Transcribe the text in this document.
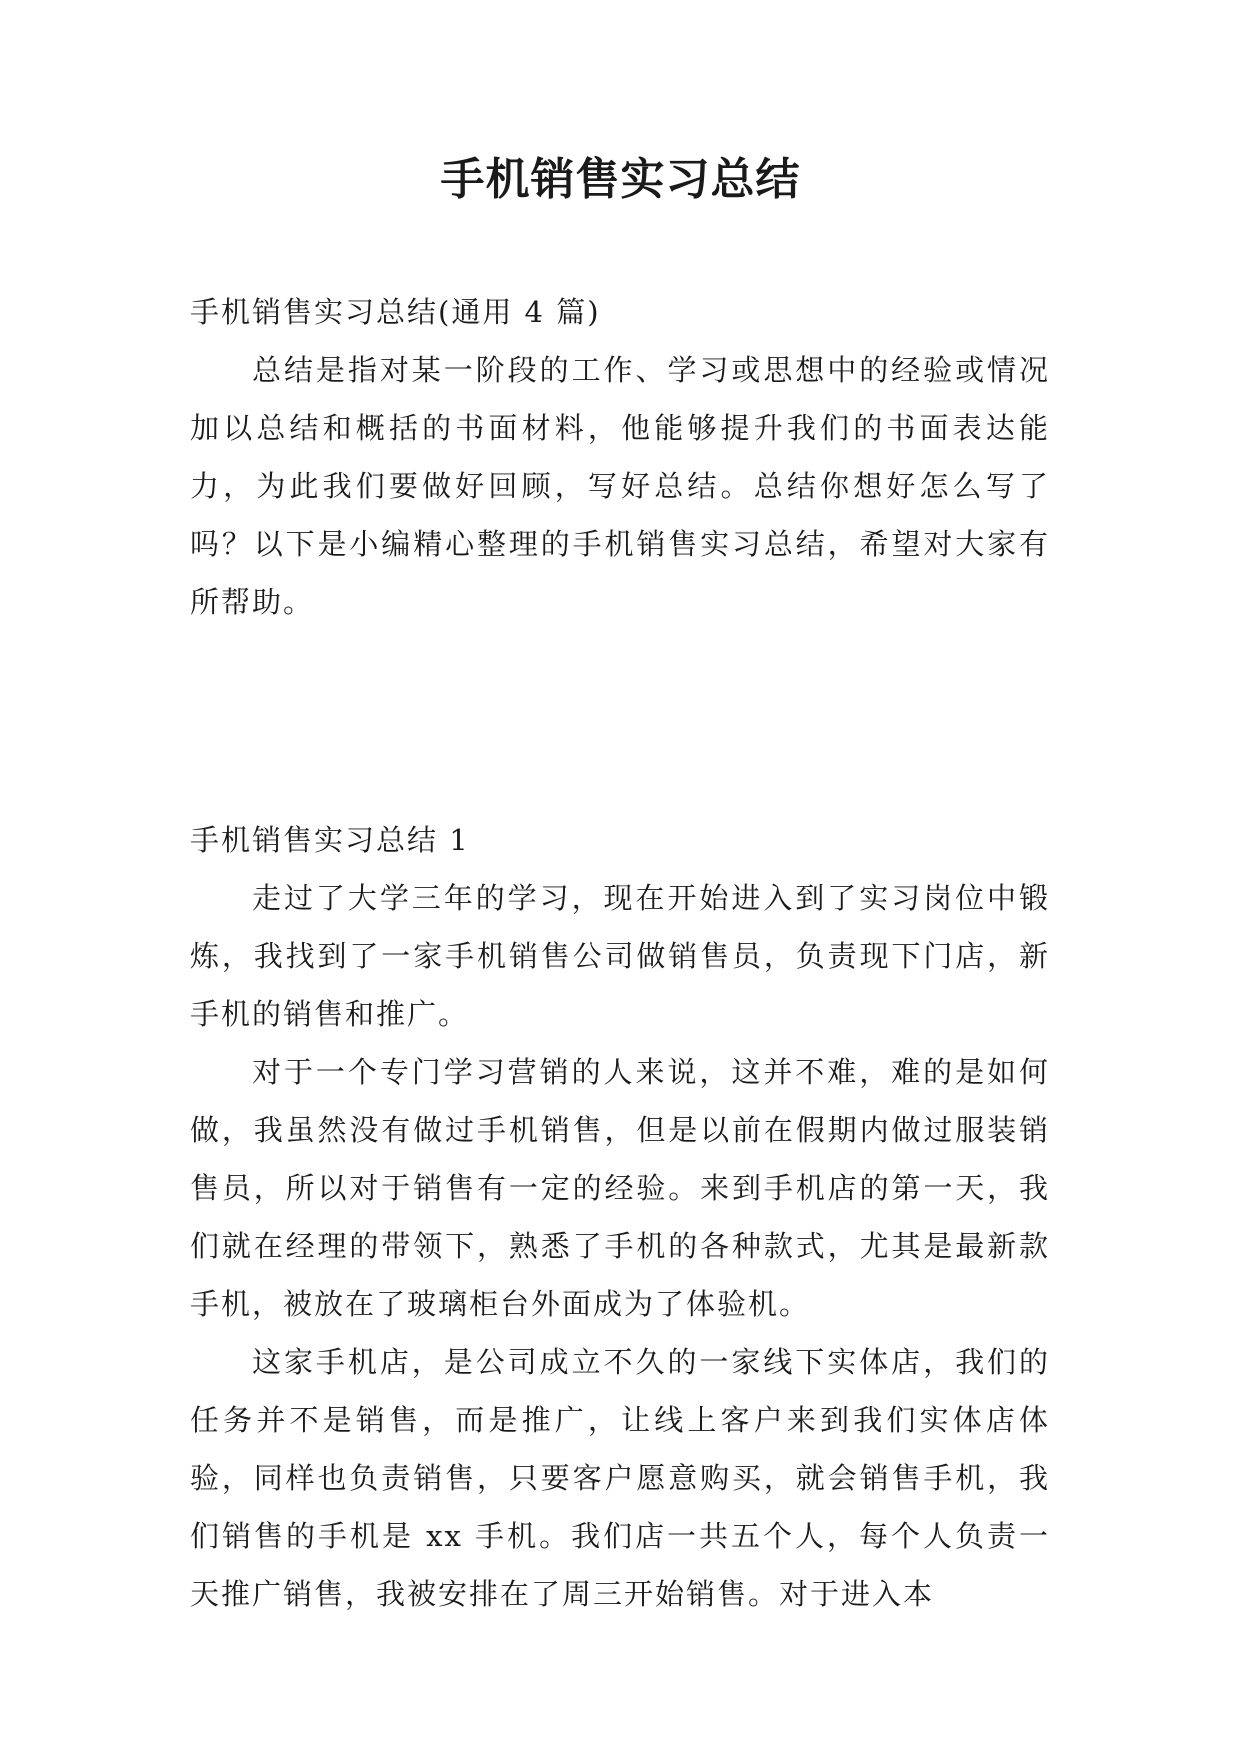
手机销售实习总结

手机销售实习总结(通用 4 篇)

总结是指对某一阶段的工作、学习或思想中的经验或情况加以总结和概括的书面材料，他能够提升我们的书面表达能力，为此我们要做好回顾，写好总结。总结你想好怎么写了吗？以下是小编精心整理的手机销售实习总结，希望对大家有所帮助。

手机销售实习总结 1

走过了大学三年的学习，现在开始进入到了实习岗位中锻炼，我找到了一家手机销售公司做销售员，负责现下门店，新手机的销售和推广。

对于一个专门学习营销的人来说，这并不难，难的是如何做，我虽然没有做过手机销售，但是以前在假期内做过服装销售员，所以对于销售有一定的经验。来到手机店的第一天，我们就在经理的带领下，熟悉了手机的各种款式，尤其是最新款手机，被放在了玻璃柜台外面成为了体验机。

这家手机店，是公司成立不久的一家线下实体店，我们的任务并不是销售，而是推广，让线上客户来到我们实体店体验，同样也负责销售，只要客户愿意购买，就会销售手机，我们销售的手机是 xx 手机。我们店一共五个人，每个人负责一天推广销售，我被安排在了周三开始销售。对于进入本
